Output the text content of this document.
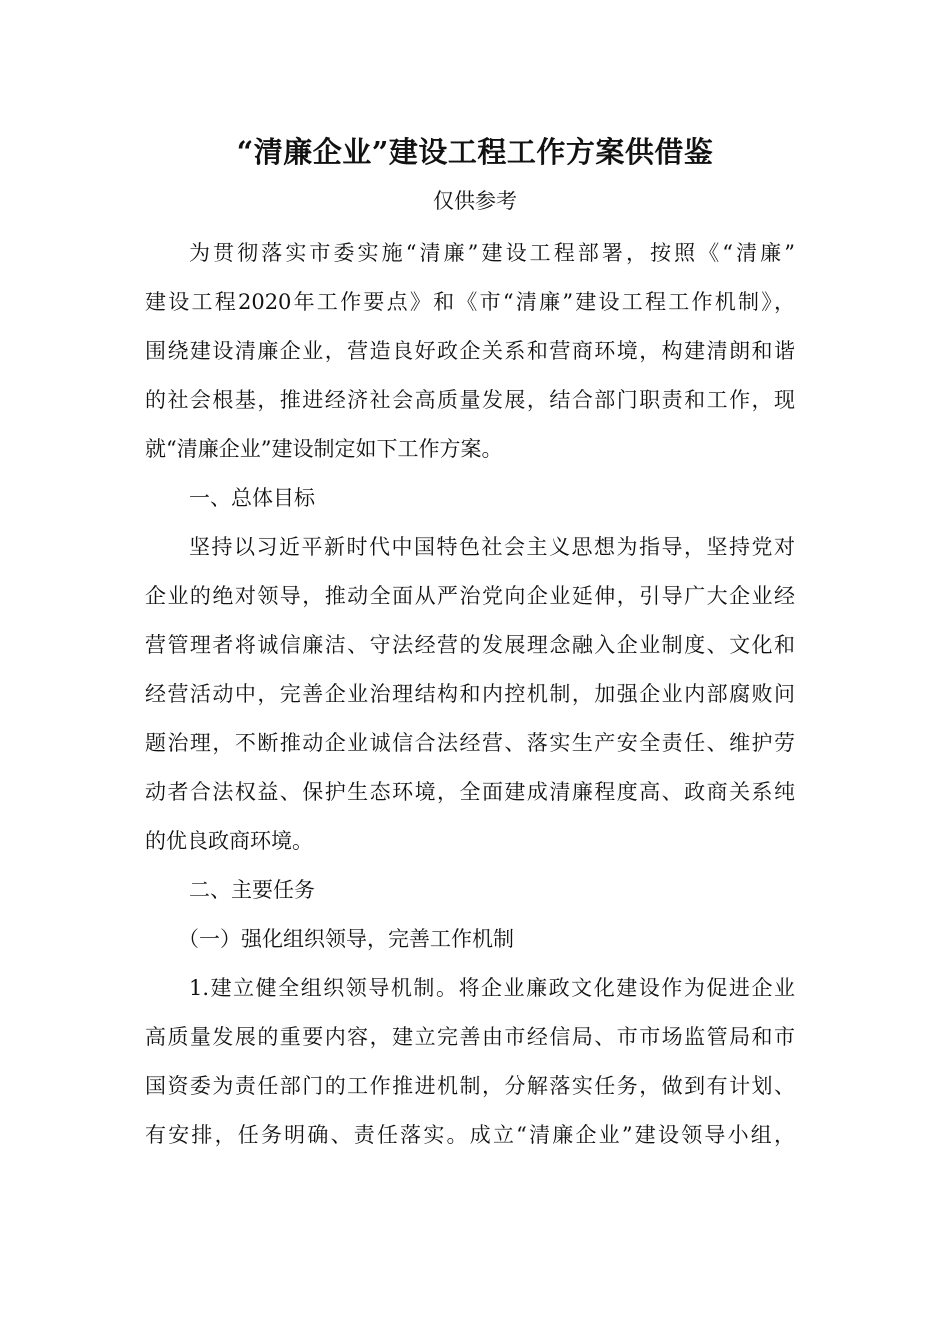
“清廉企业”建设工程工作方案供借鉴

仅供参考

为贯彻落实市委实施“清廉”建设工程部署，按照《“清廉”
建设工程2020年工作要点》和《市“清廉”建设工程工作机制》，
围绕建设清廉企业，营造良好政企关系和营商环境，构建清朗和谐
的社会根基，推进经济社会高质量发展，结合部门职责和工作，现
就“清廉企业”建设制定如下工作方案。
一、总体目标
坚持以习近平新时代中国特色社会主义思想为指导，坚持党对
企业的绝对领导，推动全面从严治党向企业延伸，引导广大企业经
营管理者将诚信廉洁、守法经营的发展理念融入企业制度、文化和
经营活动中，完善企业治理结构和内控机制，加强企业内部腐败问
题治理，不断推动企业诚信合法经营、落实生产安全责任、维护劳
动者合法权益、保护生态环境，全面建成清廉程度高、政商关系纯
的优良政商环境。
二、主要任务
（一）强化组织领导，完善工作机制
1.建立健全组织领导机制。将企业廉政文化建设作为促进企业
高质量发展的重要内容，建立完善由市经信局、市市场监管局和市
国资委为责任部门的工作推进机制，分解落实任务，做到有计划、
有安排，任务明确、责任落实。成立“清廉企业”建设领导小组，
